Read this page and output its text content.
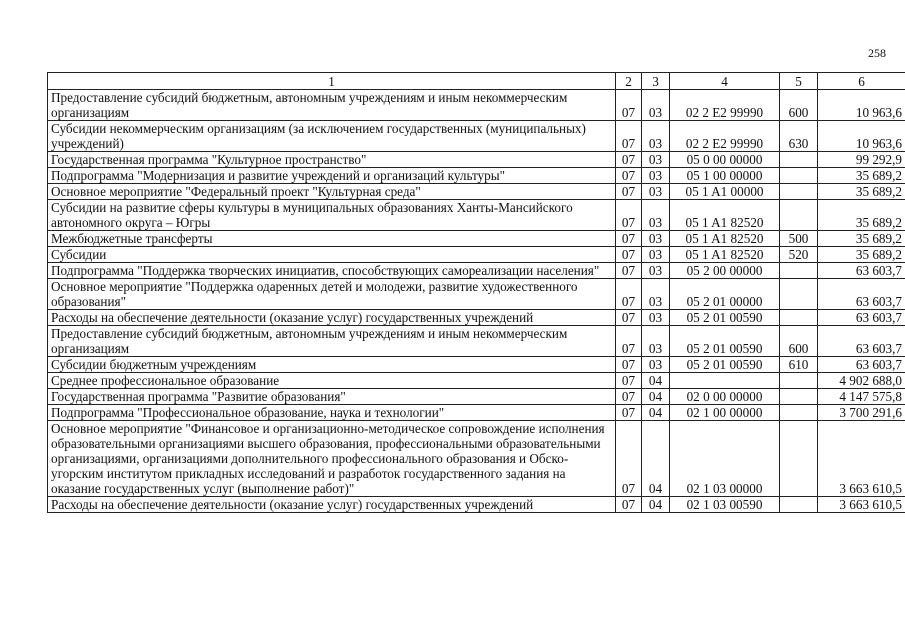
258
1	2	3	4	5	6
Предоставление субсидий бюджетным, автономным учреждениям и иным некоммерческим организациям	07	03	02 2 E2 99990	600	10 963,6
Субсидии некоммерческим организациям (за исключением государственных (муниципальных) учреждений)	07	03	02 2 E2 99990	630	10 963,6
Государственная программа "Культурное пространство"	07	03	05 0 00 00000		99 292,9
Подпрограмма "Модернизация и развитие учреждений и организаций культуры"	07	03	05 1 00 00000		35 689,2
Основное мероприятие "Федеральный проект "Культурная среда"	07	03	05 1 A1 00000		35 689,2
Субсидии на развитие сферы культуры в муниципальных образованиях Ханты-Мансийского автономного округа – Югры	07	03	05 1 A1 82520		35 689,2
Межбюджетные трансферты	07	03	05 1 A1 82520	500	35 689,2
Субсидии	07	03	05 1 A1 82520	520	35 689,2
Подпрограмма "Поддержка творческих инициатив, способствующих самореализации населения"	07	03	05 2 00 00000		63 603,7
Основное мероприятие "Поддержка одаренных детей и молодежи, развитие художественного образования"	07	03	05 2 01 00000		63 603,7
Расходы на обеспечение деятельности (оказание услуг) государственных учреждений	07	03	05 2 01 00590		63 603,7
Предоставление субсидий бюджетным, автономным учреждениям и иным некоммерческим организациям	07	03	05 2 01 00590	600	63 603,7
Субсидии бюджетным учреждениям	07	03	05 2 01 00590	610	63 603,7
Среднее профессиональное образование	07	04			4 902 688,0
Государственная программа "Развитие образования"	07	04	02 0 00 00000		4 147 575,8
Подпрограмма "Профессиональное образование, наука и технологии"	07	04	02 1 00 00000		3 700 291,6
Основное мероприятие "Финансовое и организационно-методическое сопровождение исполнения образовательными организациями высшего образования, профессиональными образовательными организациями, организациями дополнительного профессионального образования и Обско-угорским институтом прикладных исследований и разработок государственного задания на оказание государственных услуг (выполнение работ)"	07	04	02 1 03 00000		3 663 610,5
Расходы на обеспечение деятельности (оказание услуг) государственных учреждений	07	04	02 1 03 00590		3 663 610,5
